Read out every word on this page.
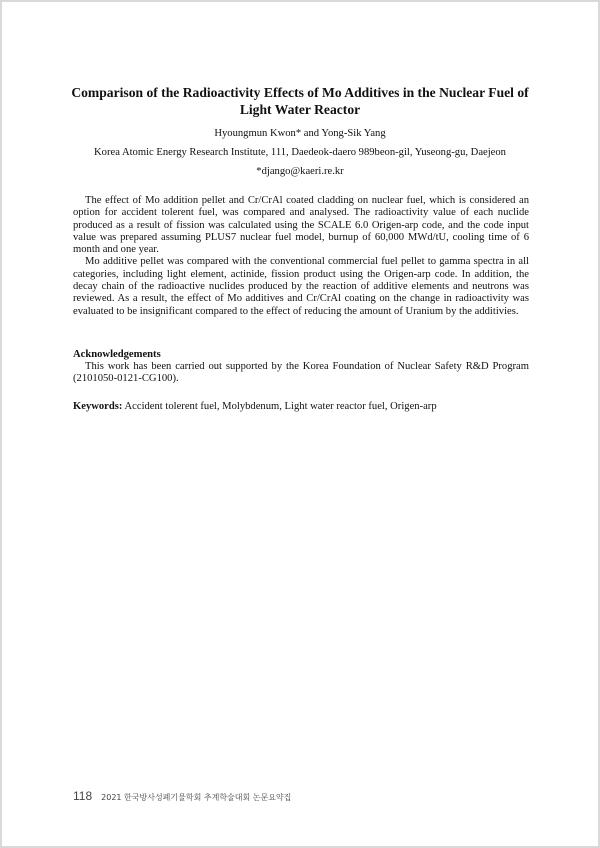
Comparison of the Radioactivity Effects of Mo Additives in the Nuclear Fuel of
Light Water Reactor
Hyoungmun Kwon* and Yong-Sik Yang
Korea Atomic Energy Research Institute, 111, Daedeok-daero 989beon-gil, Yuseong-gu, Daejeon
*django@kaeri.re.kr

The effect of Mo addition pellet and Cr/CrAl coated cladding on nuclear fuel, which is considered an option for accident tolerent fuel, was compared and analysed. The radioactivity value of each nuclide produced as a result of fission was calculated using the SCALE 6.0 Origen-arp code, and the code input value was prepared assuming PLUS7 nuclear fuel model, burnup of 60,000 MWd/tU, cooling time of 6 month and one year.

Mo additive pellet was compared with the conventional commercial fuel pellet to gamma spectra in all categories, including light element, actinide, fission product using the Origen-arp code. In addition, the decay chain of the radioactive nuclides produced by the reaction of additive elements and neutrons was reviewed. As a result, the effect of Mo additives and Cr/CrAl coating on the change in radioactivity was evaluated to be insignificant compared to the effect of reducing the amount of Uranium by the additivies.

Acknowledgements
This work has been carried out supported by the Korea Foundation of Nuclear Safety R&D Program (2101050-0121-CG100).
Keywords: Accident tolerent fuel, Molybdenum, Light water reactor fuel, Origen-arp
118 2021 한국방사성폐기물학회 추계학술대회 논문요약집
